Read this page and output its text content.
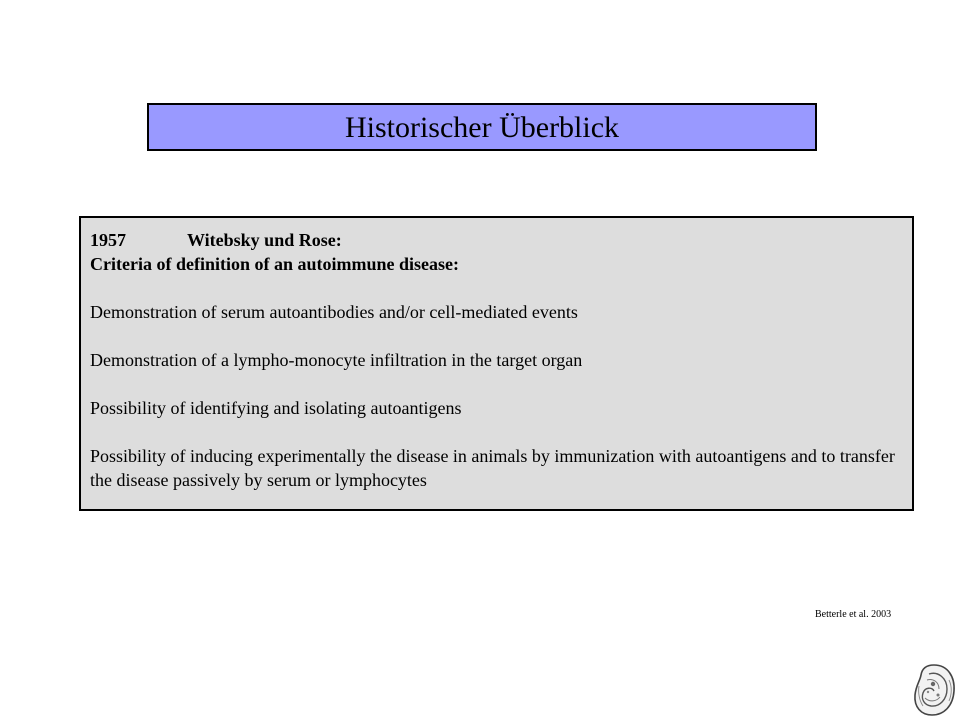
Historischer Überblick
1957	Witebsky und Rose:
Criteria of definition of an autoimmune disease:

Demonstration of serum autoantibodies and/or cell-mediated events

Demonstration of a lympho-monocyte infiltration in the target organ

Possibility of identifying and isolating autoantigens

Possibility of inducing experimentally the disease in animals by immunization with autoantigens and to transfer the disease passively by serum or lymphocytes

Betterle et al. 2003
